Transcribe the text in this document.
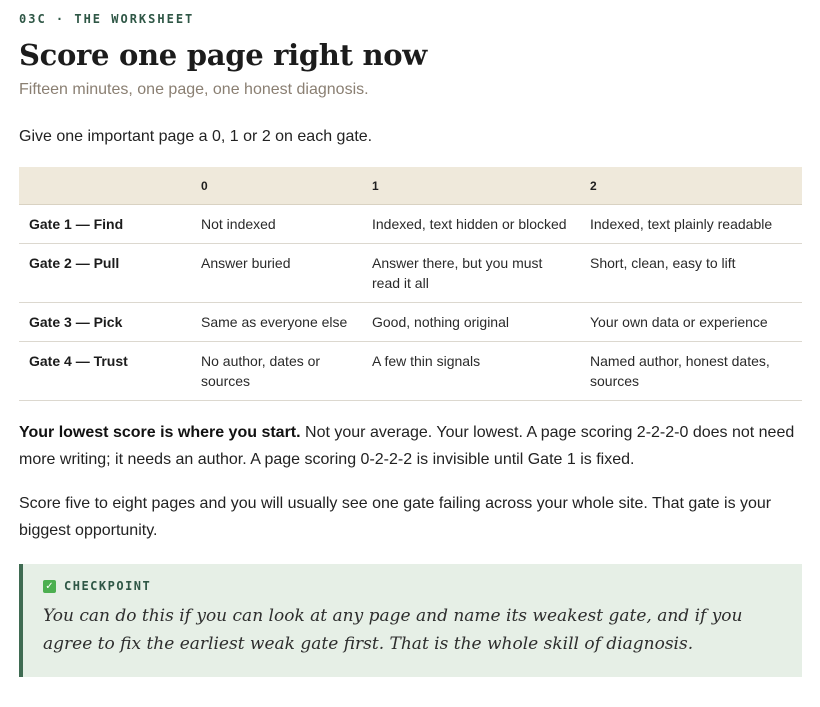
03C · THE WORKSHEET

Score one page right now

Fifteen minutes, one page, one honest diagnosis.

Give one important page a 0, 1 or 2 on each gate.

	0	1	2
Gate 1 — Find	Not indexed	Indexed, text hidden or blocked	Indexed, text plainly readable
Gate 2 — Pull	Answer buried	Answer there, but you must read it all	Short, clean, easy to lift
Gate 3 — Pick	Same as everyone else	Good, nothing original	Your own data or experience
Gate 4 — Trust	No author, dates or sources	A few thin signals	Named author, honest dates, sources

Your lowest score is where you start. Not your average. Your lowest. A page scoring 2-2-2-0 does not need more writing; it needs an author. A page scoring 0-2-2-2 is invisible until Gate 1 is fixed.

Score five to eight pages and you will usually see one gate failing across your whole site. That gate is your biggest opportunity.

✓ CHECKPOINT
You can do this if you can look at any page and name its weakest gate, and if you agree to fix the earliest weak gate first. That is the whole skill of diagnosis.
